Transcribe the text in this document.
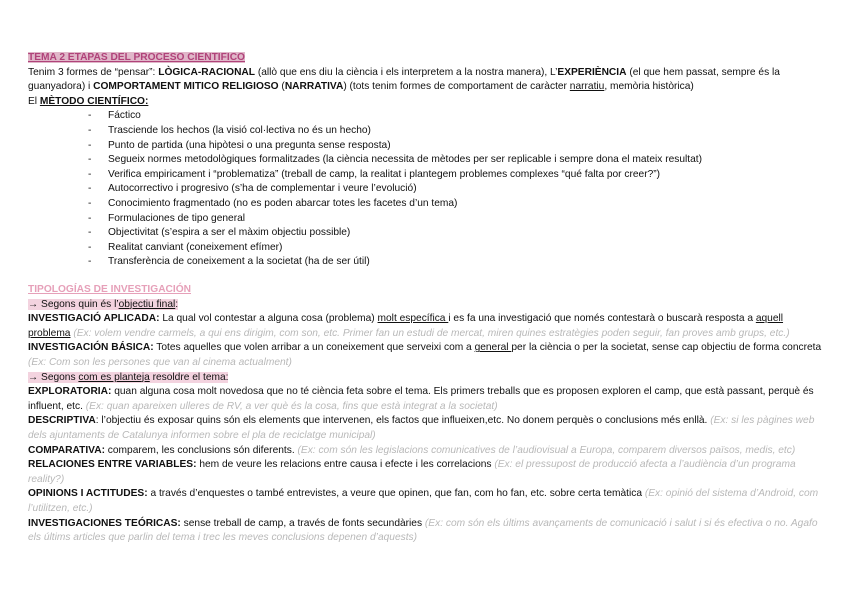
TEMA 2 ETAPAS DEL PROCESO CIENTIFICO
Tenim 3 formes de “pensar”: LÒGICA-RACIONAL (allò que ens diu la ciència i els interpretem a la nostra manera), L’EXPERIÈNCIA (el que hem passat, sempre és la guanyadora) i COMPORTAMENT MITICO RELIGIOSO (NARRATIVA) (tots tenim formes de comportament de caràcter narratiu, memòria històrica)
El MÈTODO CIENTÍFICO:
- Fáctico
- Trasciende los hechos (la visió col·lectiva no és un hecho)
- Punto de partida (una hipòtesi o una pregunta sense resposta)
- Segueix normes metodològiques formalitzades (la ciència necessita de mètodes per ser replicable i sempre dona el mateix resultat)
- Verifica empiricament i “problematiza” (treball de camp, la realitat i plantegem problemes complexes “qué falta por creer?”)
- Autocorrectivo i progresivo (s’ha de complementar i veure l’evolució)
- Conocimiento fragmentado (no es poden abarcar totes les facetes d’un tema)
- Formulaciones de tipo general
- Objectivitat (s’espira a ser el màxim objectiu possible)
- Realitat canviant (coneixement efímer)
- Transferència de coneixement a la societat (ha de ser útil)
TIPOLOGÍAS DE INVESTIGACIÓN
→ Segons quin és l’objectiu final:
INVESTIGACIÓ APLICADA: La qual vol contestar a alguna cosa (problema) molt específica i es fa una investigació que només contestarà o buscarà resposta a aquell problema (Ex: volem vendre carmels, a qui ens dirigim, com son, etc. Primer fan un estudi de mercat, miren quines estratègies poden seguir, fan proves amb grups, etc.)
INVESTIGACIÓN BÁSICA: Totes aquelles que volen arribar a un coneixement que serveixi com a general per la ciència o per la societat, sense cap objectiu de forma concreta (Ex: Com son les persones que van al cinema actualment)
→ Segons com es planteja resoldre el tema:
EXPLORATORIA: quan alguna cosa molt novedosa que no té ciència feta sobre el tema. Els primers treballs que es proposen exploren el camp, que està passant, perquè és influent, etc. (Ex: quan apareixen ulleres de RV, a ver què és la cosa, fins que està integrat a la societat)
DESCRIPTIVA: l’objectiu és exposar quins són els elements que intervenen, els factos que influeixen,etc. No donem perquès o conclusions més enllà. (Ex: si les pàgines web dels ajuntaments de Catalunya informen sobre el pla de reciclatge municipal)
COMPARATIVA: comparem, les conclusions són diferents. (Ex: com són les legislacions comunicatives de l’audiovisual a Europa, comparem diversos països, medis, etc)
RELACIONES ENTRE VARIABLES: hem de veure les relacions entre causa i efecte i les correlacions (Ex: el pressupost de producció afecta a l’audiència d’un programa reality?)
OPINIONS I ACTITUDES: a través d’enquestes o també entrevistes, a veure que opinen, que fan, com ho fan, etc. sobre certa temàtica (Ex: opinió del sistema d’Android, com l’utilitzen, etc.)
INVESTIGACIONES TEÓRICAS: sense treball de camp, a través de fonts secundàries (Ex: com són els últims avançaments de comunicació i salut i si és efectiva o no. Agafo els últims articles que parlin del tema i trec les meves conclusions depenen d’aquests)
